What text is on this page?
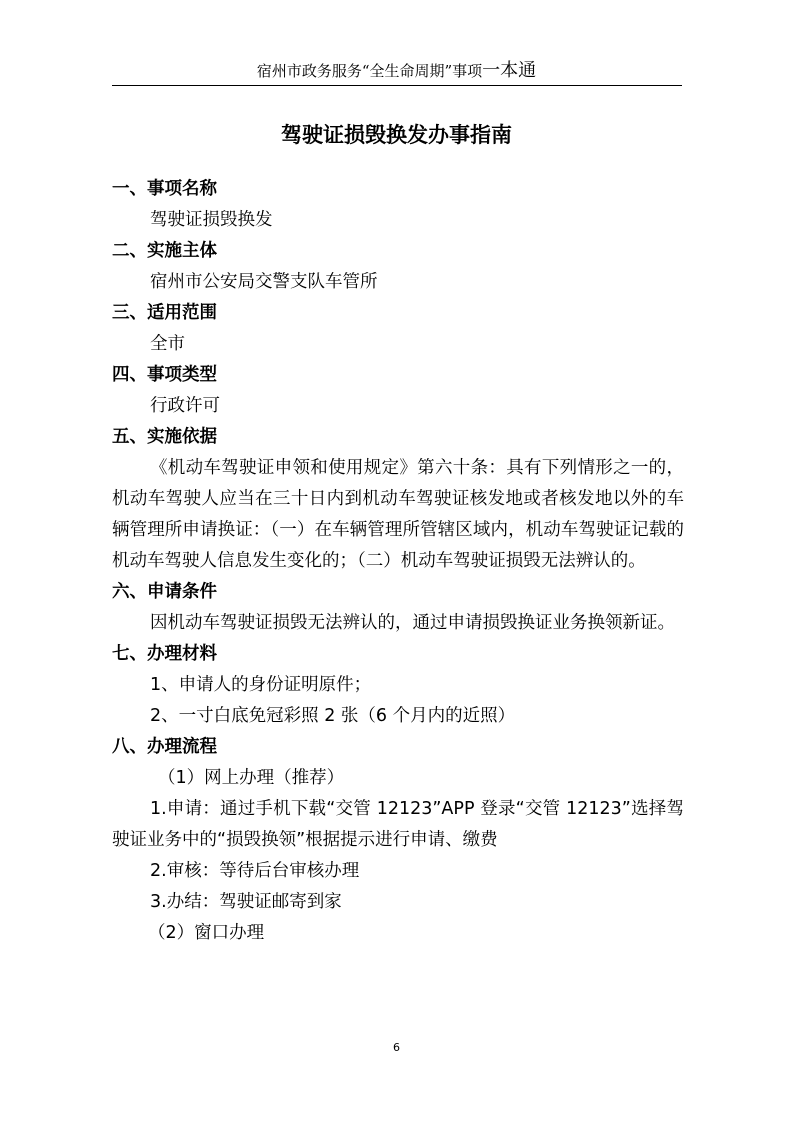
宿州市政务服务“全生命周期”事项一本通
驾驶证损毁换发办事指南
一、事项名称
驾驶证损毁换发
二、实施主体
宿州市公安局交警支队车管所
三、适用范围
全市
四、事项类型
行政许可
五、实施依据
《机动车驾驶证申领和使用规定》第六十条：具有下列情形之一的，机动车驾驶人应当在三十日内到机动车驾驶证核发地或者核发地以外的车辆管理所申请换证：（一）在车辆管理所管辖区域内，机动车驾驶证记载的机动车驾驶人信息发生变化的；（二）机动车驾驶证损毁无法辨认的。
六、申请条件
因机动车驾驶证损毁无法辨认的，通过申请损毁换证业务换领新证。
七、办理材料
1、申请人的身份证明原件；
2、一寸白底免冠彩照 2 张（6 个月内的近照）
八、办理流程
（1）网上办理（推荐）
1.申请：通过手机下载“交管 12123”APP 登录“交管 12123”选择驾驶证业务中的“损毁换领”根据提示进行申请、缴费
2.审核：等待后台审核办理
3.办结：驾驶证邮寄到家
（2）窗口办理
6
